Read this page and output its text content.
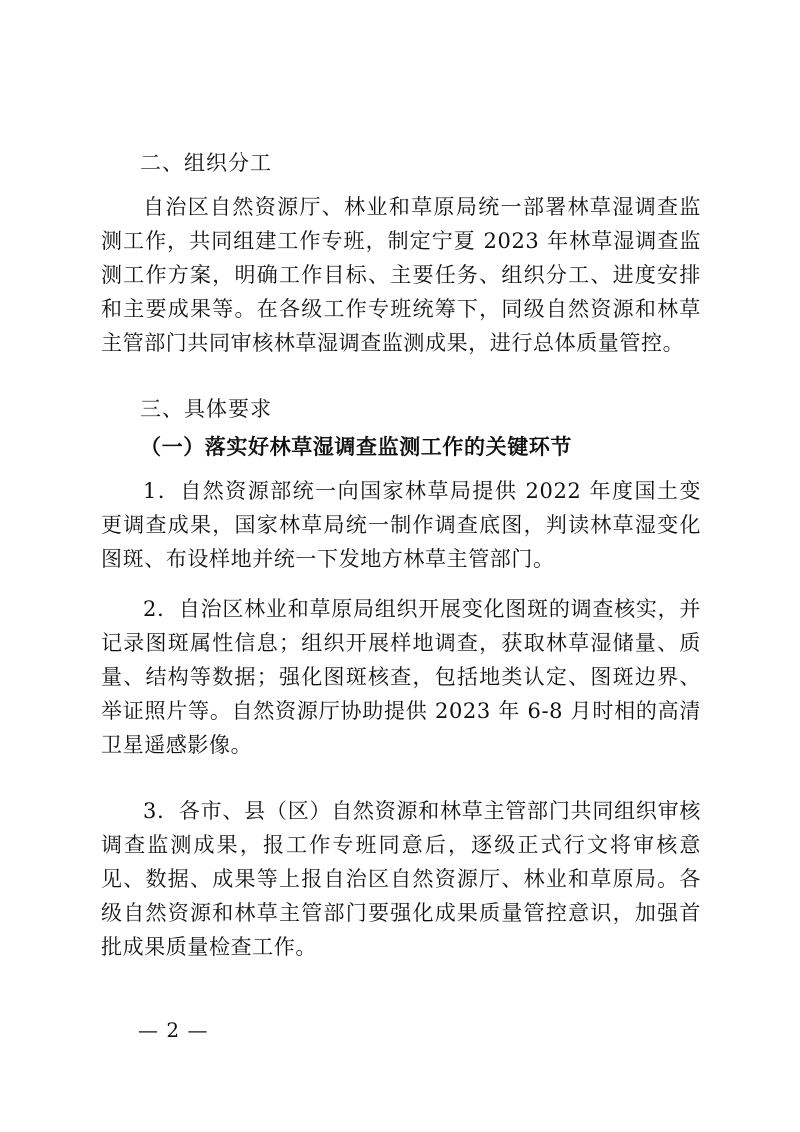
二、组织分工

自治区自然资源厅、林业和草原局统一部署林草湿调查监测工作，共同组建工作专班，制定宁夏 2023 年林草湿调查监测工作方案，明确工作目标、主要任务、组织分工、进度安排和主要成果等。在各级工作专班统筹下，同级自然资源和林草主管部门共同审核林草湿调查监测成果，进行总体质量管控。

三、具体要求

（一）落实好林草湿调查监测工作的关键环节

1．自然资源部统一向国家林草局提供 2022 年度国土变更调查成果，国家林草局统一制作调查底图，判读林草湿变化图斑、布设样地并统一下发地方林草主管部门。

2．自治区林业和草原局组织开展变化图斑的调查核实，并记录图斑属性信息；组织开展样地调查，获取林草湿储量、质量、结构等数据；强化图斑核查，包括地类认定、图斑边界、举证照片等。自然资源厅协助提供 2023 年 6-8 月时相的高清卫星遥感影像。

3．各市、县（区）自然资源和林草主管部门共同组织审核调查监测成果，报工作专班同意后，逐级正式行文将审核意见、数据、成果等上报自治区自然资源厅、林业和草原局。各级自然资源和林草主管部门要强化成果质量管控意识，加强首批成果质量检查工作。

— 2 —
